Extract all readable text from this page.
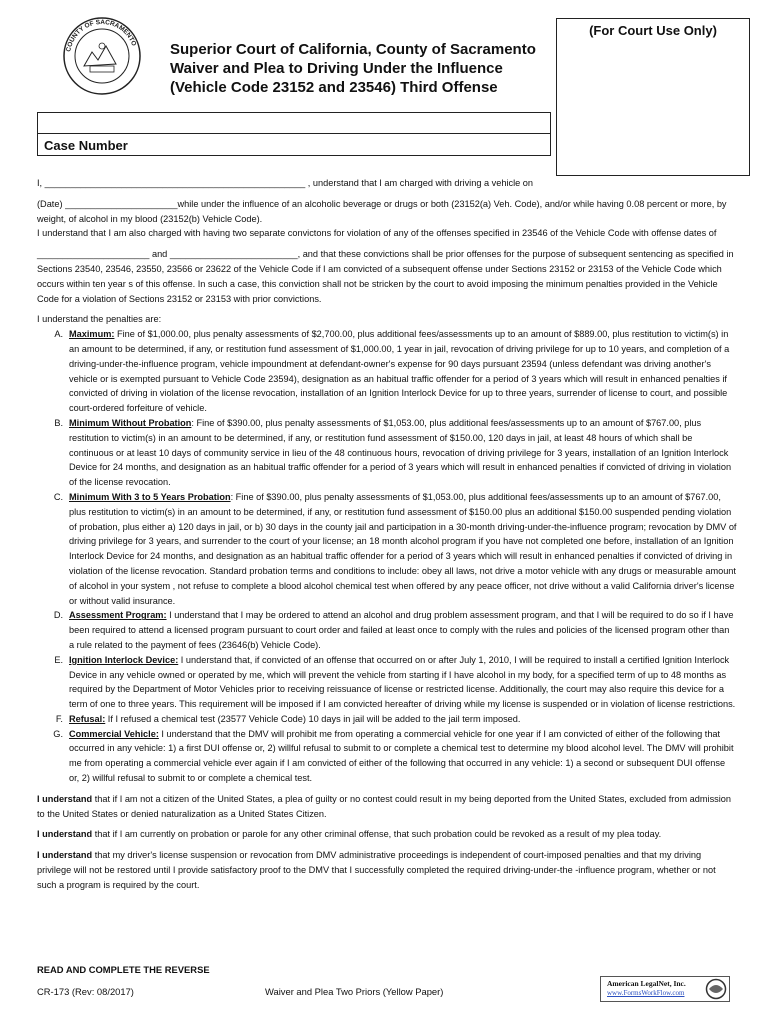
COUNTY OF SACRAMENTO Superior Court of California, County of Sacramento
Waiver and Plea to Driving Under the Influence
(Vehicle Code 23152 and 23546) Third Offense
(For Court Use Only)
Case Number

I, ___________________________________________________ , understand that I am charged with driving a vehicle on

(Date) ______________________while under the influence of an alcoholic beverage or drugs or both (23152(a) Veh. Code), and/or while having 0.08 percent or more, by weight, of alcohol in my blood (23152(b) Vehicle Code).

I understand that I am also charged with having two separate convictons for violation of any of the offenses specified in 23546 of the Vehicle Code with offense dates of

______________________ and _________________________, and that these convictions shall be prior offenses for the purpose of subsequent sentencing as specified in Sections 23540, 23546, 23550, 23566 or 23622 of the Vehicle Code if I am convicted of a subsequent offense under Sections 23152 or 23153 of the Vehicle Code which occurs within ten year s of this offense. In such a case, this conviction shall not be stricken by the court to avoid imposing the minimum penalties provided in the Vehicle Code for a violation of Sections 23152 or 23153 with prior convictions.

I understand the penalties are:

A. Maximum: Fine of $1,000.00, plus penalty assessments of $2,700.00, plus additional fees/assessments up to an amount of $889.00, plus restitution to victim(s) in an amount to be determined, if any, or restitution fund assessment of $1,000.00, 1 year in jail, revocation of driving privilege for up to 10 years, and completion of a driving-under-the-influence program, vehicle impoundment at defendant-owner's expense for 90 days pursuant 23594 (unless defendant was driving another's vehicle or is exempted pursuant to Vehicle Code 23594), designation as an habitual traffic offender for a period of 3 years which will result in enhanced penalties if convicted of driving in violation of the license revocation, installation of an Ignition Interlock Device for up to three years, surrender of license to court, and possible court-ordered forfeiture of vehicle.
B. Minimum Without Probation: Fine of $390.00, plus penalty assessments of $1,053.00, plus additional fees/assessments up to an amount of $767.00, plus restitution to victim(s) in an amount to be determined, if any, or restitution fund assessment of $150.00, 120 days in jail, at least 48 hours of which shall be continuous or at least 10 days of community service in lieu of the 48 continuous hours, revocation of driving privilege for 3 years, installation of an Ignition Interlock Device for 24 months, and designation as an habitual traffic offender for a period of 3 years which will result in enhanced penalties if convicted of driving in violation of the license revocation.
C. Minimum With 3 to 5 Years Probation: Fine of $390.00, plus penalty assessments of $1,053.00, plus additional fees/assessments up to an amount of $767.00, plus restitution to victim(s) in an amount to be determined, if any, or restitution fund assessment of $150.00 plus an additional $150.00 suspended pending violation of probation, plus either a) 120 days in jail, or b) 30 days in the county jail and participation in a 30-month driving-under-the-influence program; revocation by DMV of driving privilege for 3 years, and surrender to the court of your license; an 18 month alcohol program if you have not completed one before, installation of an Ignition Interlock Device for 24 months, and designation as an habitual traffic offender for a period of 3 years which will result in enhanced penalties if convicted of driving in violation of the license revocation. Standard probation terms and conditions to include: obey all laws, not drive a motor vehicle with any drugs or measurable amount of alcohol in your system , not refuse to complete a blood alcohol chemical test when offered by any peace officer, not drive without a valid California driver's license or without valid insurance.
D. Assessment Program: I understand that I may be ordered to attend an alcohol and drug problem assessment program, and that I will be required to do so if I have been required to attend a licensed program pursuant to court order and failed at least once to comply with the rules and policies of the licensed program other than a rule related to the payment of fees (23646(b) Vehicle Code).
E. Ignition Interlock Device: I understand that, if convicted of an offense that occurred on or after July 1, 2010, I will be required to install a certified Ignition Interlock Device in any vehicle owned or operated by me, which will prevent the vehicle from starting if I have alcohol in my body, for a specified term of up to 48 months as required by the Department of Motor Vehicles prior to receiving reissuance of license or restricted license. Additionally, the court may also require this device for a term of one to three years. This requirement will be imposed if I am convicted hereafter of driving while my license is suspended or in violation of license restrictions.
F. Refusal: If I refused a chemical test (23577 Vehicle Code) 10 days in jail will be added to the jail term imposed.
G. Commercial Vehicle: I understand that the DMV will prohibit me from operating a commercial vehicle for one year if I am convicted of either of the following that occurred in any vehicle: 1) a first DUI offense or, 2) willful refusal to submit to or complete a chemical test to determine my blood alcohol level. The DMV will prohibit me from operating a commercial vehicle ever again if I am convicted of either of the following that occurred in any vehicle: 1) a second or subsequent DUI offense or, 2) willful refusal to submit to or complete a chemical test.

I understand that if I am not a citizen of the United States, a plea of guilty or no contest could result in my being deported from the United States, excluded from admission to the United States or denied naturalization as a United States Citizen.

I understand that if I am currently on probation or parole for any other criminal offense, that such probation could be revoked as a result of my plea today.

I understand that my driver's license suspension or revocation from DMV administrative proceedings is independent of court-imposed penalties and that my driving privilege will not be restored until I provide satisfactory proof to the DMV that I successfully completed the required driving-under-the -influence program, whether or not such a program is required by the court.

READ AND COMPLETE THE REVERSE
CR-173 (Rev: 08/2017)	Waiver and Plea Two Priors (Yellow Paper)
American LegalNet, Inc.
www.FormsWorkFlow.com
